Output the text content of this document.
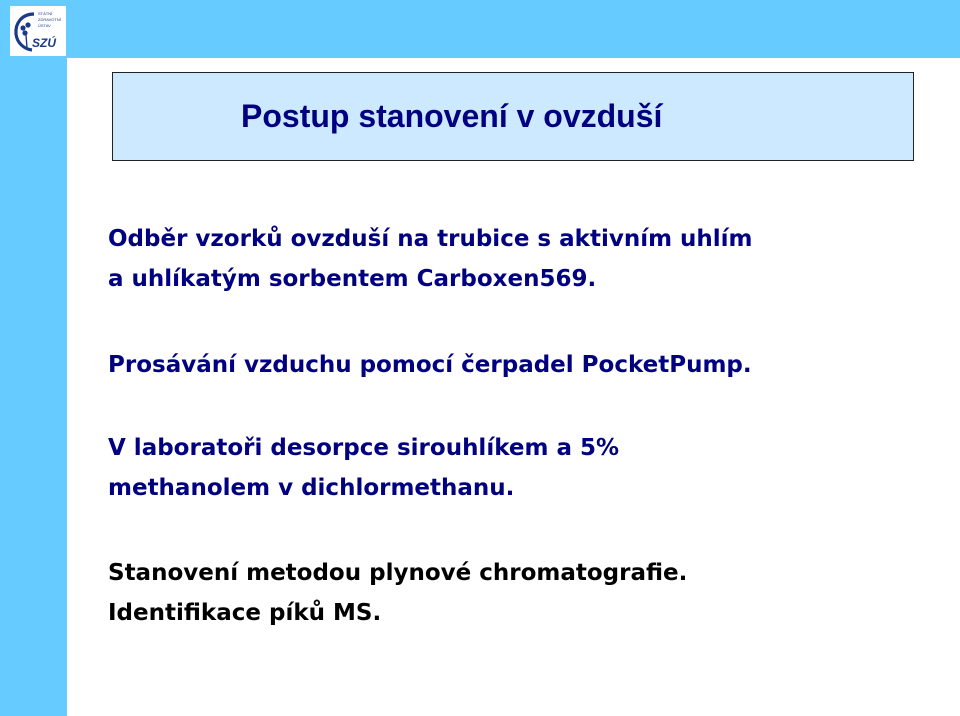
STÁTNÍ
ZDRAVOTNÍ
ÚSTAV
SZÚ
Postup stanovení v ovzduší
Odběr vzorků ovzduší na trubice s aktivním uhlím
a uhlíkatým sorbentem Carboxen569.
Prosávání vzduchu pomocí čerpadel PocketPump.
V laboratoři desorpce sirouhlíkem a 5%
methanolem v dichlormethanu.
Stanovení metodou plynové chromatografie.
Identifikace píků MS.
